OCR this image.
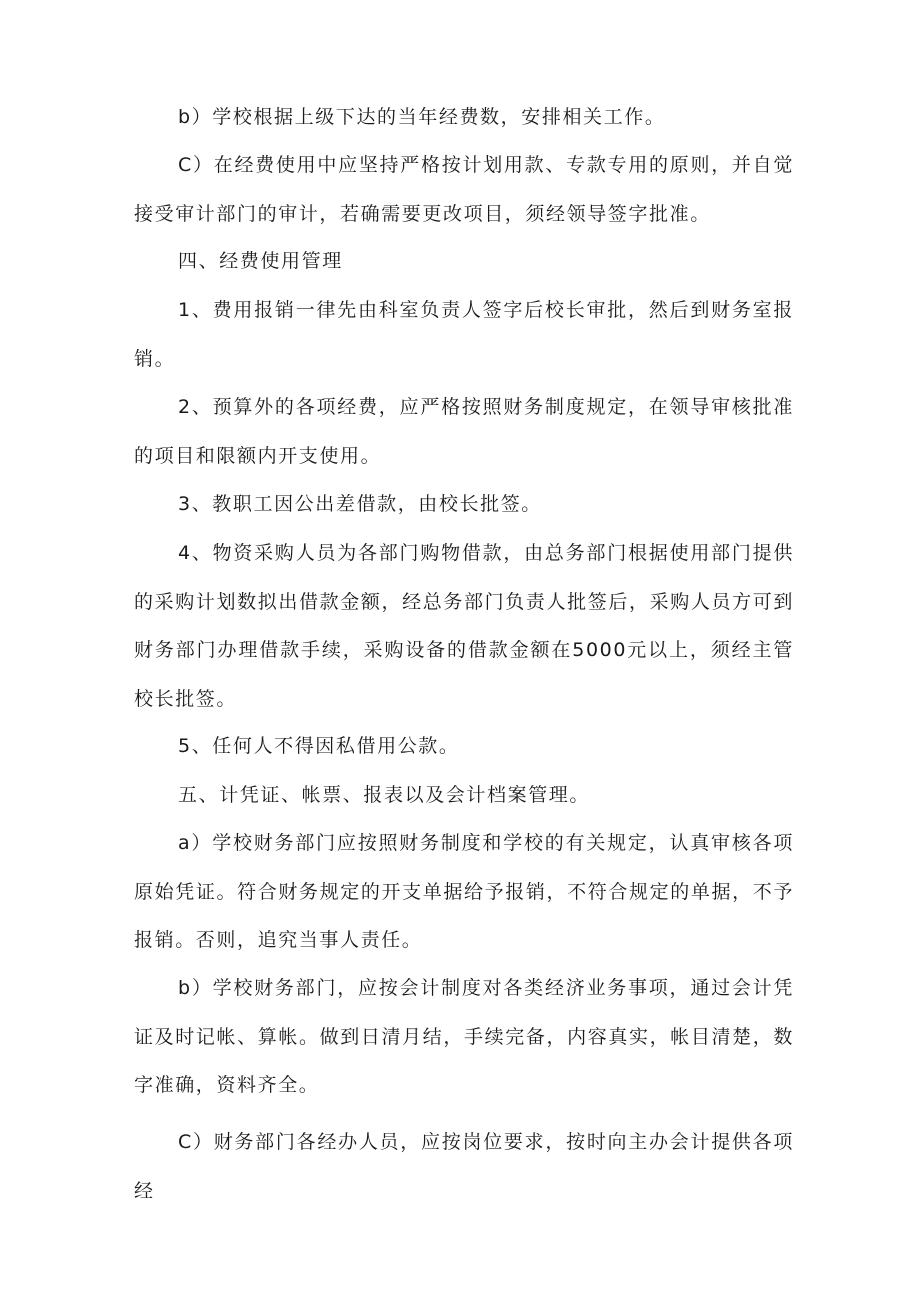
b）学校根据上级下达的当年经费数，安排相关工作。

C）在经费使用中应坚持严格按计划用款、专款专用的原则，并自觉接受审计部门的审计，若确需要更改项目，须经领导签字批准。

四、经费使用管理

1、费用报销一律先由科室负责人签字后校长审批，然后到财务室报销。

2、预算外的各项经费，应严格按照财务制度规定，在领导审核批准的项目和限额内开支使用。

3、教职工因公出差借款，由校长批签。

4、物资采购人员为各部门购物借款，由总务部门根据使用部门提供的采购计划数拟出借款金额，经总务部门负责人批签后，采购人员方可到财务部门办理借款手续，采购设备的借款金额在5000元以上，须经主管校长批签。

5、任何人不得因私借用公款。

五、计凭证、帐票、报表以及会计档案管理。

a）学校财务部门应按照财务制度和学校的有关规定，认真审核各项原始凭证。符合财务规定的开支单据给予报销，不符合规定的单据，不予报销。否则，追究当事人责任。

b）学校财务部门，应按会计制度对各类经济业务事项，通过会计凭证及时记帐、算帐。做到日清月结，手续完备，内容真实，帐目清楚，数字准确，资料齐全。

C）财务部门各经办人员，应按岗位要求，按时向主办会计提供各项经
